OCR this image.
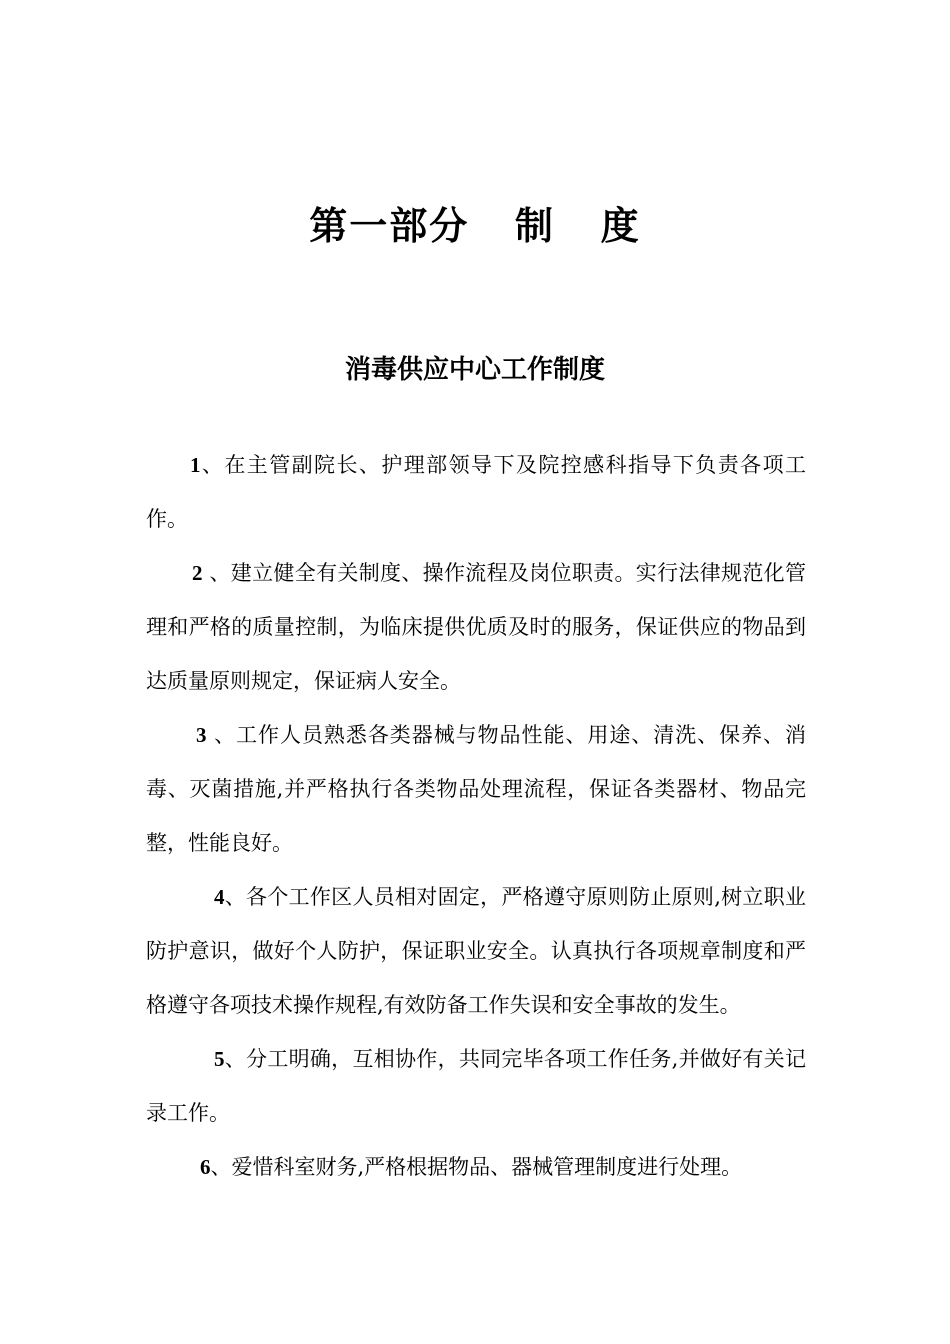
第一部分   制   度
消毒供应中心工作制度

1、在主管副院长、护理部领导下及院控感科指导下负责各项工作。

2 、建立健全有关制度、操作流程及岗位职责。实行法律规范化管理和严格的质量控制，为临床提供优质及时的服务，保证供应的物品到达质量原则规定，保证病人安全。

3 、工作人员熟悉各类器械与物品性能、用途、清洗、保养、消毒、灭菌措施,并严格执行各类物品处理流程，保证各类器材、物品完整，性能良好。

4、各个工作区人员相对固定，严格遵守原则防止原则,树立职业防护意识，做好个人防护，保证职业安全。认真执行各项规章制度和严格遵守各项技术操作规程,有效防备工作失误和安全事故的发生。

5、分工明确，互相协作，共同完毕各项工作任务,并做好有关记录工作。

6、爱惜科室财务,严格根据物品、器械管理制度进行处理。
